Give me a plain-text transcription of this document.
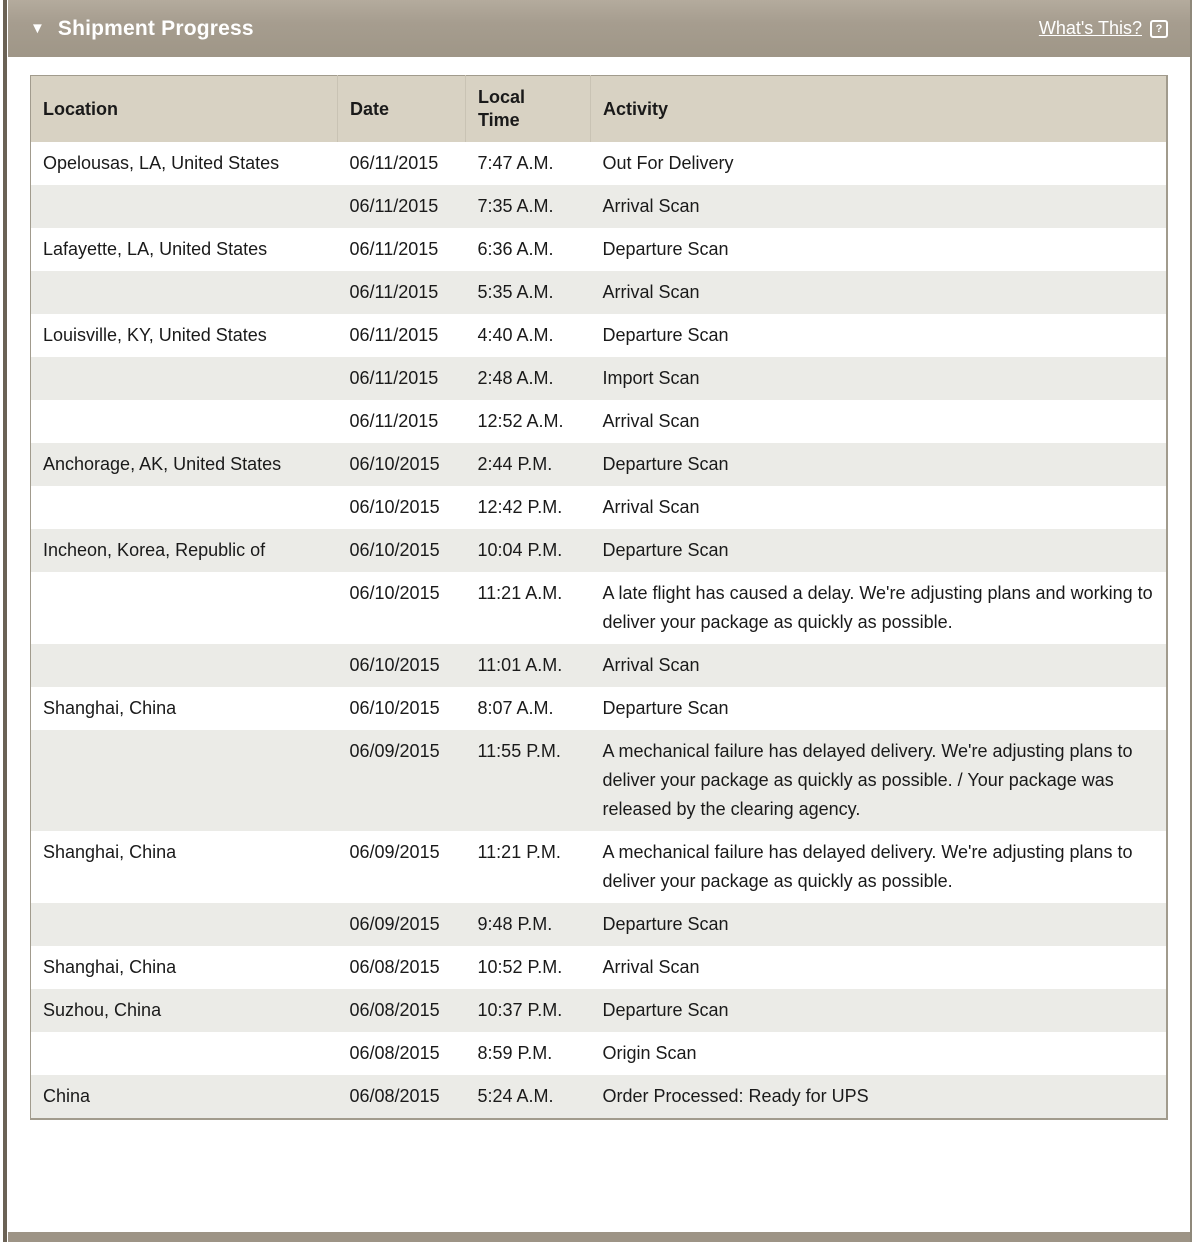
▼ Shipment Progress	What's This? ?
Location	Date	Local Time	Activity
Opelousas, LA, United States	06/11/2015	7:47 A.M.	Out For Delivery
	06/11/2015	7:35 A.M.	Arrival Scan
Lafayette, LA, United States	06/11/2015	6:36 A.M.	Departure Scan
	06/11/2015	5:35 A.M.	Arrival Scan
Louisville, KY, United States	06/11/2015	4:40 A.M.	Departure Scan
	06/11/2015	2:48 A.M.	Import Scan
	06/11/2015	12:52 A.M.	Arrival Scan
Anchorage, AK, United States	06/10/2015	2:44 P.M.	Departure Scan
	06/10/2015	12:42 P.M.	Arrival Scan
Incheon, Korea, Republic of	06/10/2015	10:04 P.M.	Departure Scan
	06/10/2015	11:21 A.M.	A late flight has caused a delay. We're adjusting plans and working to deliver your package as quickly as possible.
	06/10/2015	11:01 A.M.	Arrival Scan
Shanghai, China	06/10/2015	8:07 A.M.	Departure Scan
	06/09/2015	11:55 P.M.	A mechanical failure has delayed delivery. We're adjusting plans to deliver your package as quickly as possible. / Your package was released by the clearing agency.
Shanghai, China	06/09/2015	11:21 P.M.	A mechanical failure has delayed delivery. We're adjusting plans to deliver your package as quickly as possible.
	06/09/2015	9:48 P.M.	Departure Scan
Shanghai, China	06/08/2015	10:52 P.M.	Arrival Scan
Suzhou, China	06/08/2015	10:37 P.M.	Departure Scan
	06/08/2015	8:59 P.M.	Origin Scan
China	06/08/2015	5:24 A.M.	Order Processed: Ready for UPS
